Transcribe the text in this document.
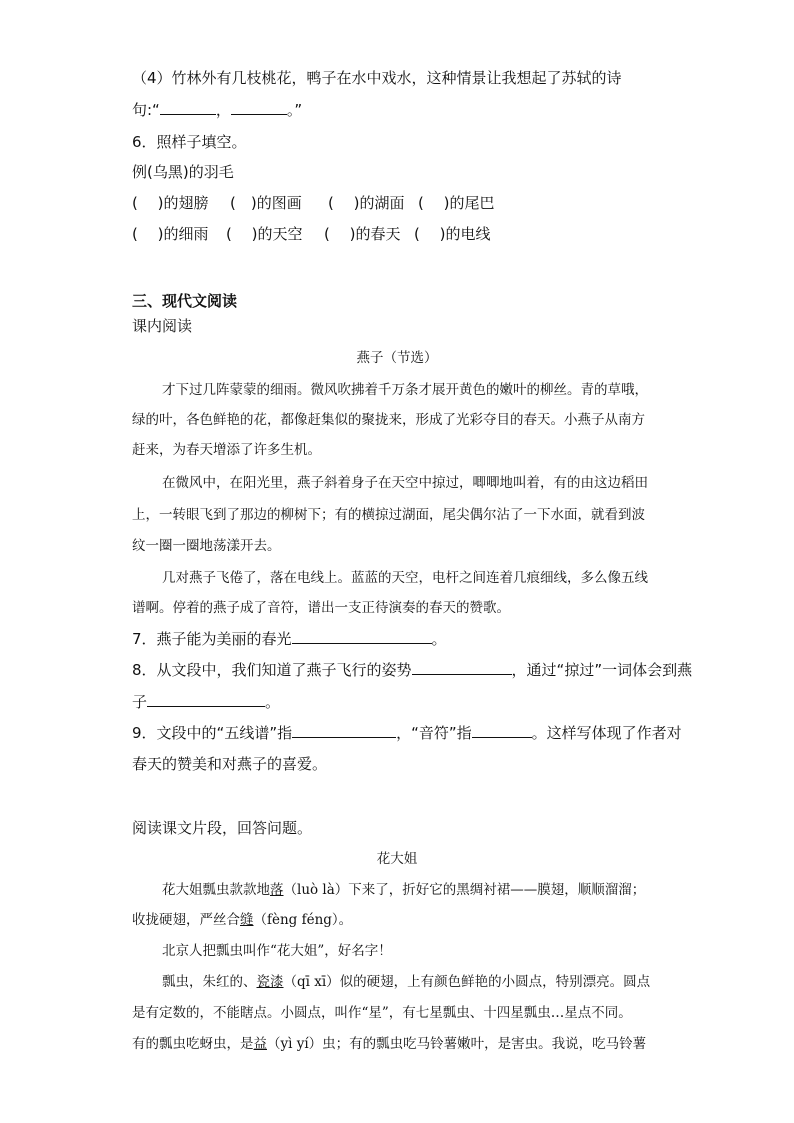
（4）竹林外有几枝桃花，鸭子在水中戏水，这种情景让我想起了苏轼的诗
句:“	，	。”
6．照样子填空。
例(乌黑)的羽毛
(　 )的翅膀 (　)的图画 (　 )的湖面 (　 )的尾巴
(　 )的细雨 (　 )的天空 (　 )的春天 (　 )的电线
三、现代文阅读
课内阅读
燕子（节选）
才下过几阵蒙蒙的细雨。微风吹拂着千万条才展开黄色的嫩叶的柳丝。青的草哦，
绿的叶，各色鲜艳的花，都像赶集似的聚拢来，形成了光彩夺目的春天。小燕子从南方
赶来，为春天增添了许多生机。
在微风中，在阳光里，燕子斜着身子在天空中掠过，唧唧地叫着，有的由这边稻田
上，一转眼飞到了那边的柳树下；有的横掠过湖面，尾尖偶尔沾了一下水面，就看到波
纹一圈一圈地荡漾开去。
几对燕子飞倦了，落在电线上。蓝蓝的天空，电杆之间连着几痕细线，多么像五线
谱啊。停着的燕子成了音符，谱出一支正待演奏的春天的赞歌。
7．燕子能为美丽的春光	。
8．从文段中，我们知道了燕子飞行的姿势	，通过“掠过”一词体会到燕
子	。
9．文段中的“五线谱”指	，“音符”指	。这样写体现了作者对
春天的赞美和对燕子的喜爱。
阅读课文片段，回答问题。
花大姐
花大姐瓢虫款款地落（luò là）下来了，折好它的黑绸衬裙——膜翅，顺顺溜溜；
收拢硬翅，严丝合缝（fèng féng）。
北京人把瓢虫叫作“花大姐”，好名字！
瓢虫，朱红的、瓷漆（qī xī）似的硬翅，上有颜色鲜艳的小圆点，特别漂亮。圆点
是有定数的，不能瞎点。小圆点，叫作“星”，有七星瓢虫、十四星瓢虫…星点不同。
有的瓢虫吃蚜虫，是益（yì yí）虫；有的瓢虫吃马铃薯嫩叶，是害虫。我说，吃马铃薯
